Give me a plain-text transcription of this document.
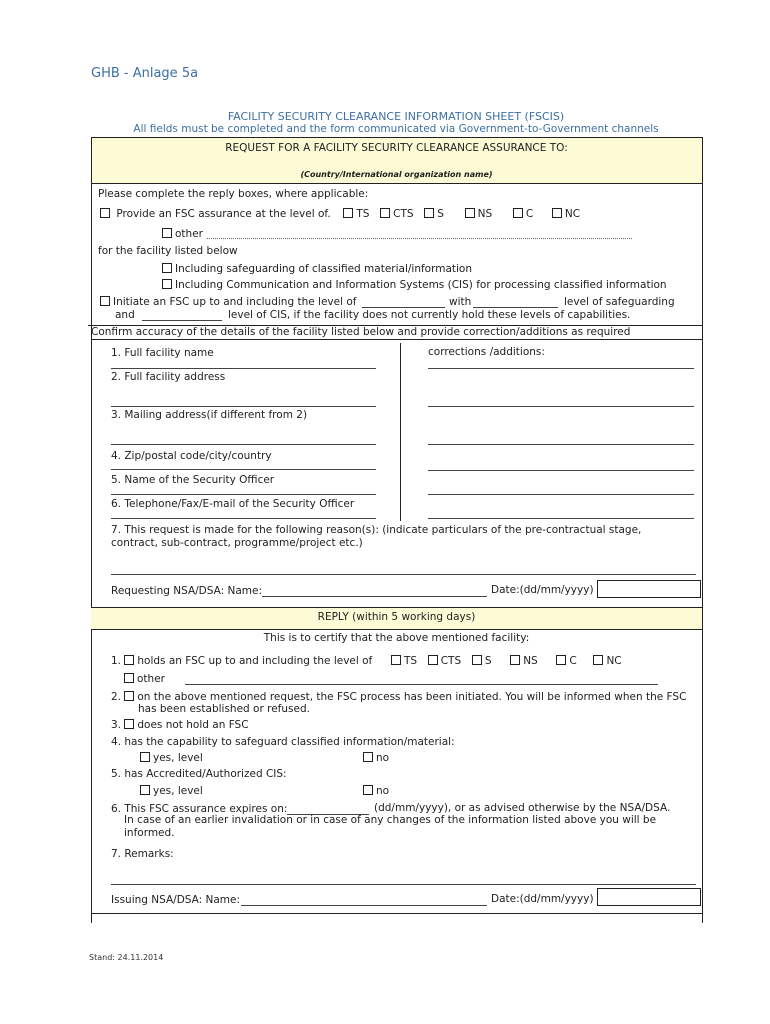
GHB - Anlage 5a
FACILITY SECURITY CLEARANCE INFORMATION SHEET (FSCIS)
All fields must be completed and the form communicated via Government-to-Government channels
REQUEST FOR A FACILITY SECURITY CLEARANCE ASSURANCE TO:
(Country/International organization name)
Please complete the reply boxes, where applicable:
Provide an FSC assurance at the level of. TS CTS S	NS	C	NC
other
for the facility listed below
Including safeguarding of classified material/information
Including Communication and Information Systems (CIS) for processing classified information
Initiate an FSC up to and including the level of	with	level of safeguarding
and	level of CIS, if the facility does not currently hold these levels of capabilities.
Confirm accuracy of the details of the facility listed below and provide correction/additions as required
corrections /additions:
1. Full facility name
2. Full facility address
3. Mailing address(if different from 2)
4. Zip/postal code/city/country
5. Name of the Security Officer
6. Telephone/Fax/E-mail of the Security Officer
7. This request is made for the following reason(s): (indicate particulars of the pre-contractual stage,
contract, sub-contract, programme/project etc.)
Requesting NSA/DSA: Name:	Date:(dd/mm/yyyy)
REPLY (within 5 working days)
This is to certify that the above mentioned facility:
1. holds an FSC up to and including the level of	TS CTS S	NS	C	NC
other
2. on the above mentioned request, the FSC process has been initiated. You will be informed when the FSC
has been established or refused.
3. does not hold an FSC
4. has the capability to safeguard classified information/material:
yes, level	no
5. has Accredited/Authorized CIS:
yes, level	no
6. This FSC assurance expires on:	(dd/mm/yyyy), or as advised otherwise by the NSA/DSA.
In case of an earlier invalidation or in case of any changes of the information listed above you will be
informed.
7. Remarks:
Issuing NSA/DSA: Name:	Date:(dd/mm/yyyy)
Stand: 24.11.2014
